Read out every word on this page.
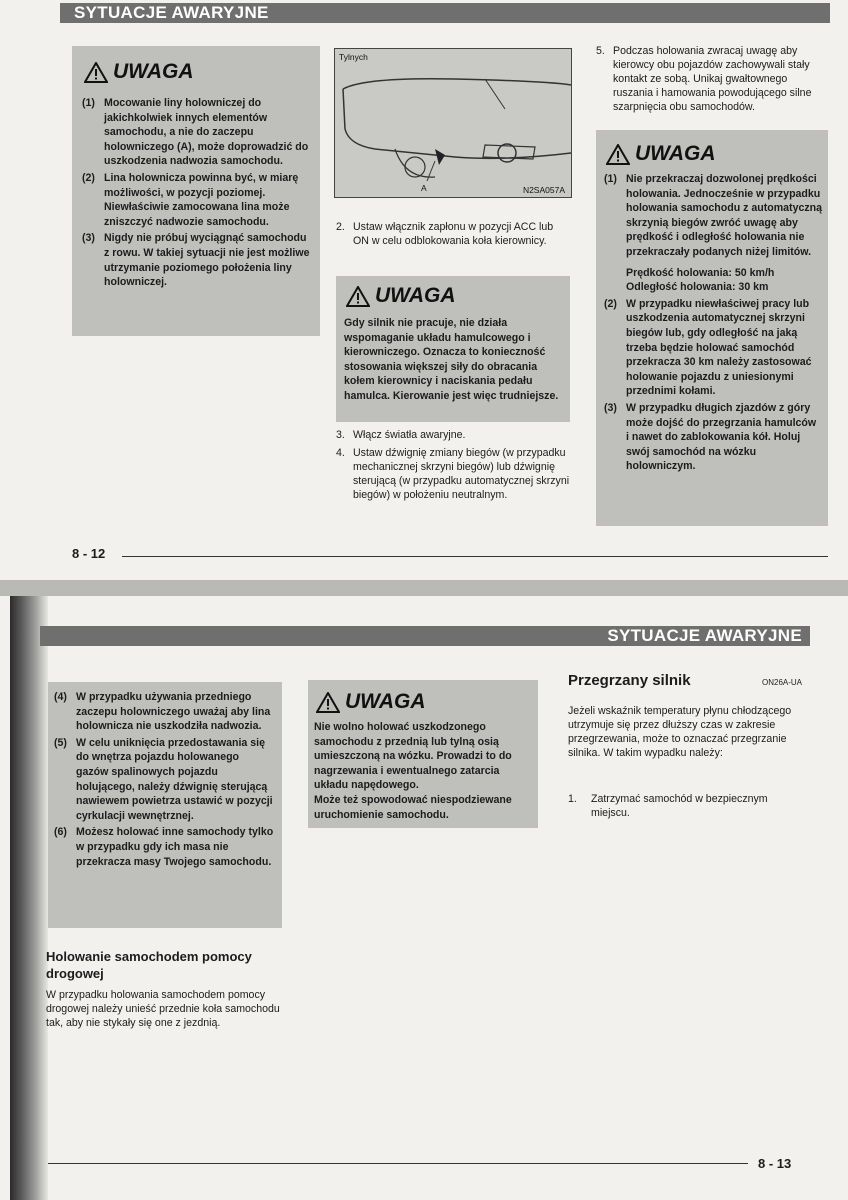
SYTUACJE AWARYJNE
UWAGA
(1) Mocowanie liny holowniczej do jakichkolwiek innych elementów samochodu, a nie do zaczepu holowniczego (A), może doprowadzić do uszkodzenia nadwozia samochodu.
(2) Lina holownicza powinna być, w miarę możliwości, w pozycji poziomej. Niewłaściwie zamocowana lina może zniszczyć nadwozie samochodu.
(3) Nigdy nie próbuj wyciągnąć samochodu z rowu. W takiej sytuacji nie jest możliwe utrzymanie poziomego położenia liny holowniczej.
Tylnych
A	N2SA057A
2. Ustaw włącznik zapłonu w pozycji ACC lub ON w celu odblokowania koła kierownicy.
UWAGA

Gdy silnik nie pracuje, nie działa wspomaganie układu hamulcowego i kierowniczego. Oznacza to konieczność stosowania większej siły do obracania kołem kierownicy i naciskania pedału hamulca. Kierowanie jest więc trudniejsze.

3. Włącz światła awaryjne.
4. Ustaw dźwignię zmiany biegów (w przypadku mechanicznej skrzyni biegów) lub dźwignię sterującą (w przypadku automatycznej skrzyni biegów) w położeniu neutralnym.
5. Podczas holowania zwracaj uwagę aby kierowcy obu pojazdów zachowywali stały kontakt ze sobą. Unikaj gwałtownego ruszania i hamowania powodującego silne szarpnięcia obu samochodów.
UWAGA
(1) Nie przekraczaj dozwolonej prędkości holowania. Jednocześnie w przypadku holowania samochodu z automatyczną skrzynią biegów zwróć uwagę aby prędkość i odległość holowania nie przekraczały podanych niżej limitów.
Prędkość holowania: 50 km/h
Odległość holowania: 30 km
(2) W przypadku niewłaściwej pracy lub uszkodzenia automatycznej skrzyni biegów lub, gdy odległość na jaką trzeba będzie holować samochód przekracza 30 km należy zastosować holowanie pojazdu z uniesionymi przednimi kołami.
(3) W przypadku długich zjazdów z góry może dojść do przegrzania hamulców i nawet do zablokowania kół. Holuj swój samochód na wózku holowniczym.
8 - 12
SYTUACJE AWARYJNE
(4) W przypadku używania przedniego zaczepu holowniczego uważaj aby lina holownicza nie uszkodziła nadwozia.
(5) W celu uniknięcia przedostawania się do wnętrza pojazdu holowanego gazów spalinowych pojazdu holującego, należy dźwignię sterującą nawiewem powietrza ustawić w pozycji cyrkulacji wewnętrznej.
(6) Możesz holować inne samochody tylko w przypadku gdy ich masa nie przekracza masy Twojego samochodu.
Holowanie samochodem pomocy drogowej

W przypadku holowania samochodem pomocy drogowej należy unieść przednie koła samochodu tak, aby nie stykały się one z jezdnią.

UWAGA

Nie wolno holować uszkodzonego samochodu z przednią lub tylną osią umieszczoną na wózku. Prowadzi to do nagrzewania i ewentualnego zatarcia układu napędowego.

Może też spowodować niespodziewane uruchomienie samochodu.

Przegrzany silnik	ON26A-UA

Jeżeli wskaźnik temperatury płynu chłodzącego utrzymuje się przez dłuższy czas w zakresie przegrzewania, może to oznaczać przegrzanie silnika. W takim wypadku należy:

1. Zatrzymać samochód w bezpiecznym miejscu.
8 - 13
